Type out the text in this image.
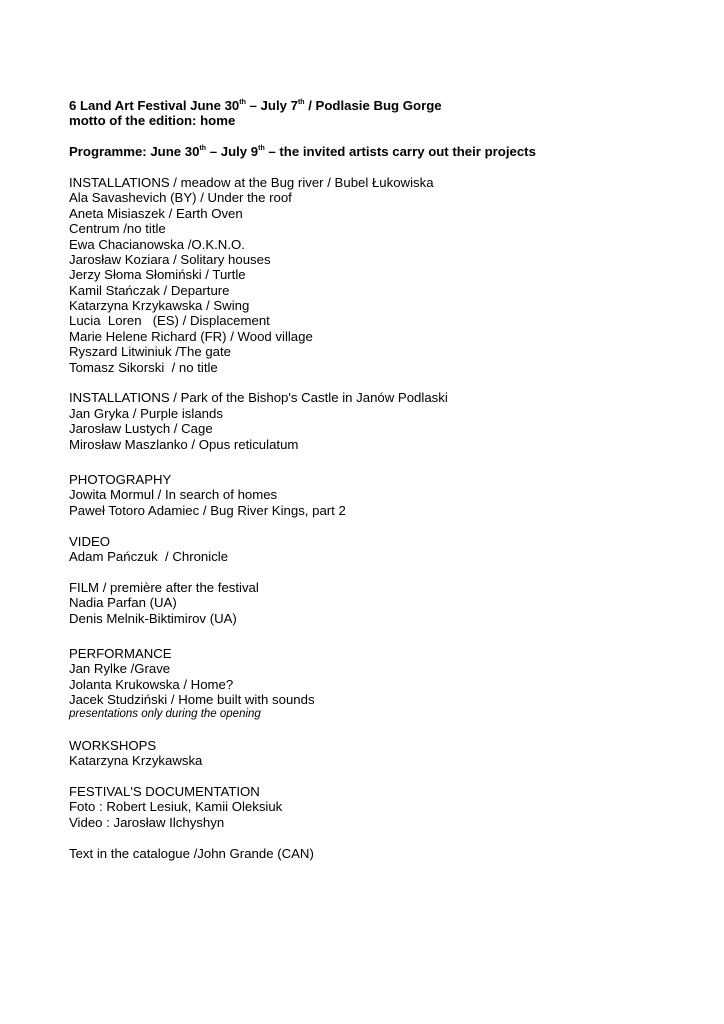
6 Land Art Festival June 30th – July 7th / Podlasie Bug Gorge
motto of the edition: home
Programme: June 30th – July 9th – the invited artists carry out their projects
INSTALLATIONS / meadow at the Bug river / Bubel Łukowiska
Ala Savashevich (BY) / Under the roof
Aneta Misiaszek / Earth Oven
Centrum /no title
Ewa Chacianowska /O.K.N.O.
Jarosław Koziara / Solitary houses
Jerzy Słoma Słomiński / Turtle
Kamil Stańczak / Departure
Katarzyna Krzykawska / Swing
Lucia  Loren   (ES) / Displacement
Marie Helene Richard (FR) / Wood village
Ryszard Litwiniuk /The gate
Tomasz Sikorski  / no title
INSTALLATIONS / Park of the Bishop's Castle in Janów Podlaski
Jan Gryka / Purple islands
Jarosław Lustych / Cage
Mirosław Maszlanko / Opus reticulatum
PHOTOGRAPHY
Jowita Mormul / In search of homes
Paweł Totoro Adamiec / Bug River Kings, part 2
VIDEO
Adam Pańczuk  / Chronicle
FILM / première after the festival
Nadia Parfan (UA)
Denis Melnik-Biktimirov (UA)
PERFORMANCE
Jan Rylke /Grave
Jolanta Krukowska / Home?
Jacek Studziński / Home built with sounds
presentations only during the opening
WORKSHOPS
Katarzyna Krzykawska
FESTIVAL'S DOCUMENTATION
Foto : Robert Lesiuk, Kamii Oleksiuk
Video : Jarosław Ilchyshyn
Text in the catalogue /John Grande (CAN)
